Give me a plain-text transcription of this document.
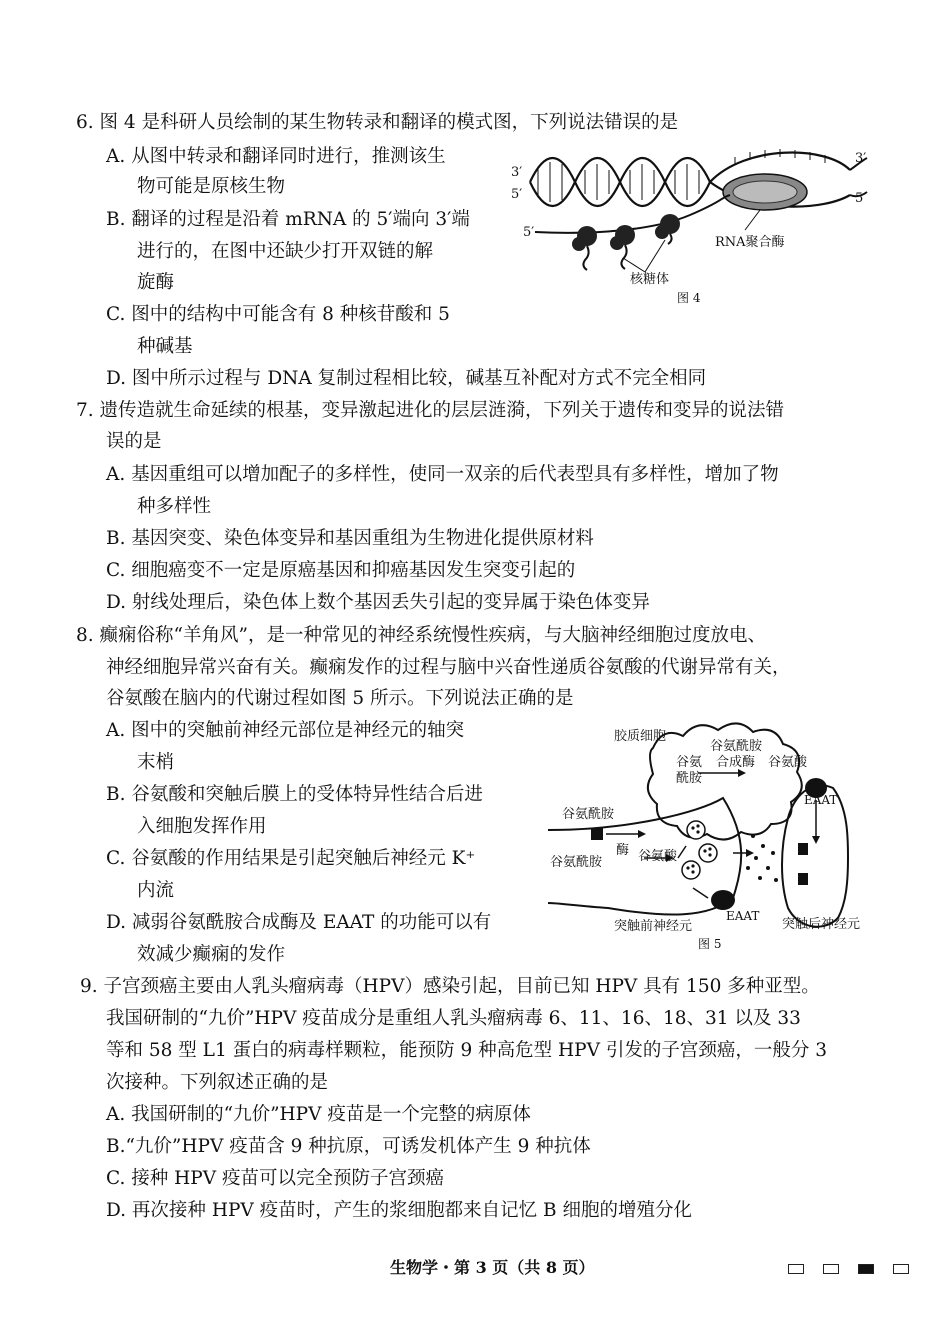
6. 图 4 是科研人员绘制的某生物转录和翻译的模式图，下列说法错误的是
A. 从图中转录和翻译同时进行，推测该生
物可能是原核生物
B. 翻译的过程是沿着 mRNA 的 5′端向 3′端
进行的，在图中还缺少打开双链的解
旋酶
C. 图中的结构中可能含有 8 种核苷酸和 5
种碱基
D. 图中所示过程与 DNA 复制过程相比较，碱基互补配对方式不完全相同
3′
5′
3′
5′
5′
RNA聚合酶
核糖体
图 4
7. 遗传造就生命延续的根基，变异激起进化的层层涟漪，下列关于遗传和变异的说法错
误的是
A. 基因重组可以增加配子的多样性，使同一双亲的后代表型具有多样性，增加了物
种多样性
B. 基因突变、染色体变异和基因重组为生物进化提供原材料
C. 细胞癌变不一定是原癌基因和抑癌基因发生突变引起的
D. 射线处理后，染色体上数个基因丢失引起的变异属于染色体变异
8. 癫痫俗称“羊角风”，是一种常见的神经系统慢性疾病，与大脑神经细胞过度放电、
神经细胞异常兴奋有关。癫痫发作的过程与脑中兴奋性递质谷氨酸的代谢异常有关，
谷氨酸在脑内的代谢过程如图 5 所示。下列说法正确的是
A. 图中的突触前神经元部位是神经元的轴突
末梢
B. 谷氨酸和突触后膜上的受体特异性结合后进
入细胞发挥作用
C. 谷氨酸的作用结果是引起突触后神经元 K⁺
内流
D. 减弱谷氨酰胺合成酶及 EAAT 的功能可以有
效减少癫痫的发作
胶质细胞
谷氨
酰胺
谷氨酰胺
合成酶 谷氨酸
EAAT
谷氨酰胺
酶 谷氨酸
谷氨酰胺
EAAT
突触前神经元	突触后神经元
图 5
9. 子宫颈癌主要由人乳头瘤病毒（HPV）感染引起，目前已知 HPV 具有 150 多种亚型。
我国研制的“九价”HPV 疫苗成分是重组人乳头瘤病毒 6、11、16、18、31 以及 33
等和 58 型 L1 蛋白的病毒样颗粒，能预防 9 种高危型 HPV 引发的子宫颈癌，一般分 3
次接种。下列叙述正确的是
A. 我国研制的“九价”HPV 疫苗是一个完整的病原体
B.“九价”HPV 疫苗含 9 种抗原，可诱发机体产生 9 种抗体
C. 接种 HPV 疫苗可以完全预防子宫颈癌
D. 再次接种 HPV 疫苗时，产生的浆细胞都来自记忆 B 细胞的增殖分化
生物学・第 3 页（共 8 页）
